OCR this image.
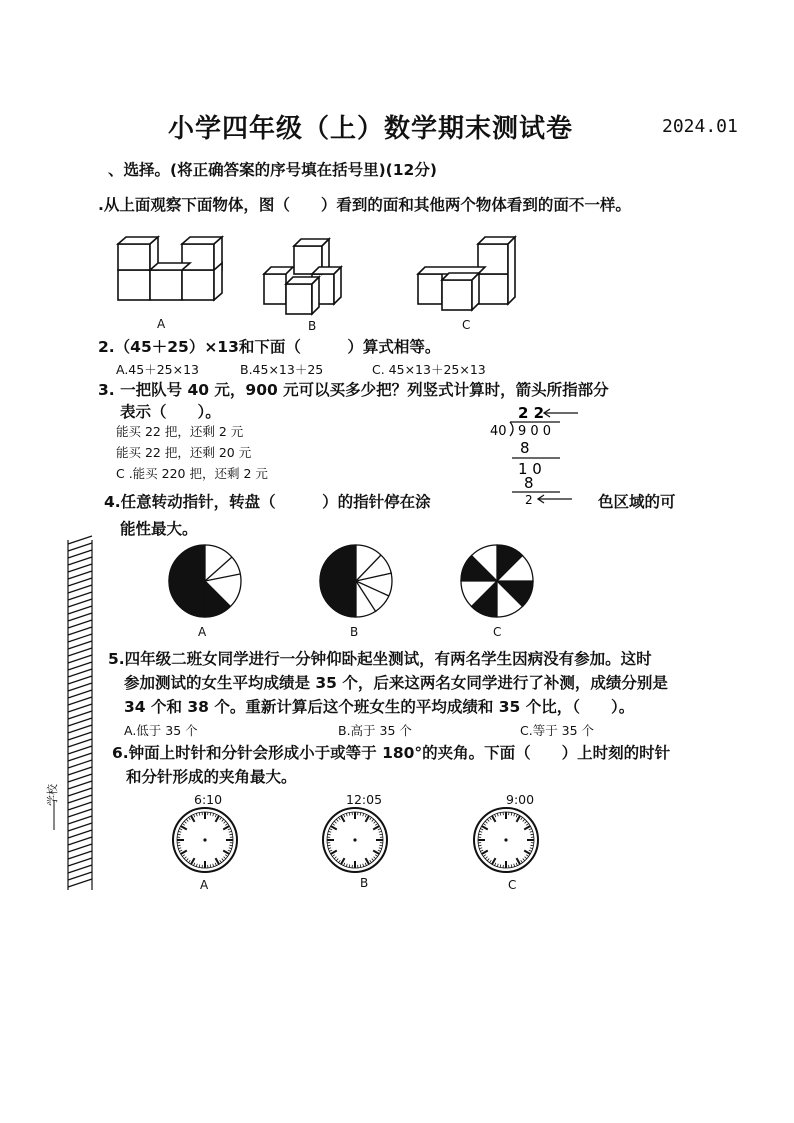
小学四年级（上）数学期末测试卷	2024.01
、选择。(将正确答案的序号填在括号里)(12分)
.从上面观察下面物体，图（　　）看到的面和其他两个物体看到的面不一样。
A	B	C
2.（45＋25）×13和下面（　　　）算式相等。
A.45＋25×13	B.45×13＋25	C. 45×13＋25×13
3. 一把队号 40 元，900 元可以买多少把？列竖式计算时，箭头所指部分
表示（　　）。
能买 22 把，还剩 2 元
能买 22 把，还剩 20 元
C .能买 220 把，还剩 2 元
2 2
40 9 0 0
8
1 0
8
2
4.任意转动指针，转盘（　　　）的指针停在涂	色区域的可
能性最大。
A	B	C
5.四年级二班女同学进行一分钟仰卧起坐测试，有两名学生因病没有参加。这时
参加测试的女生平均成绩是 35 个，后来这两名女同学进行了补测，成绩分别是
34 个和 38 个。重新计算后这个班女生的平均成绩和 35 个比，（　　）。
A.低于 35 个	B.高于 35 个	C.等于 35 个
6.钟面上时针和分针会形成小于或等于 180°的夹角。下面（　　）上时刻的时针
和分针形成的夹角最大。
6:10	12:05	9:00
A	B	C
学校
